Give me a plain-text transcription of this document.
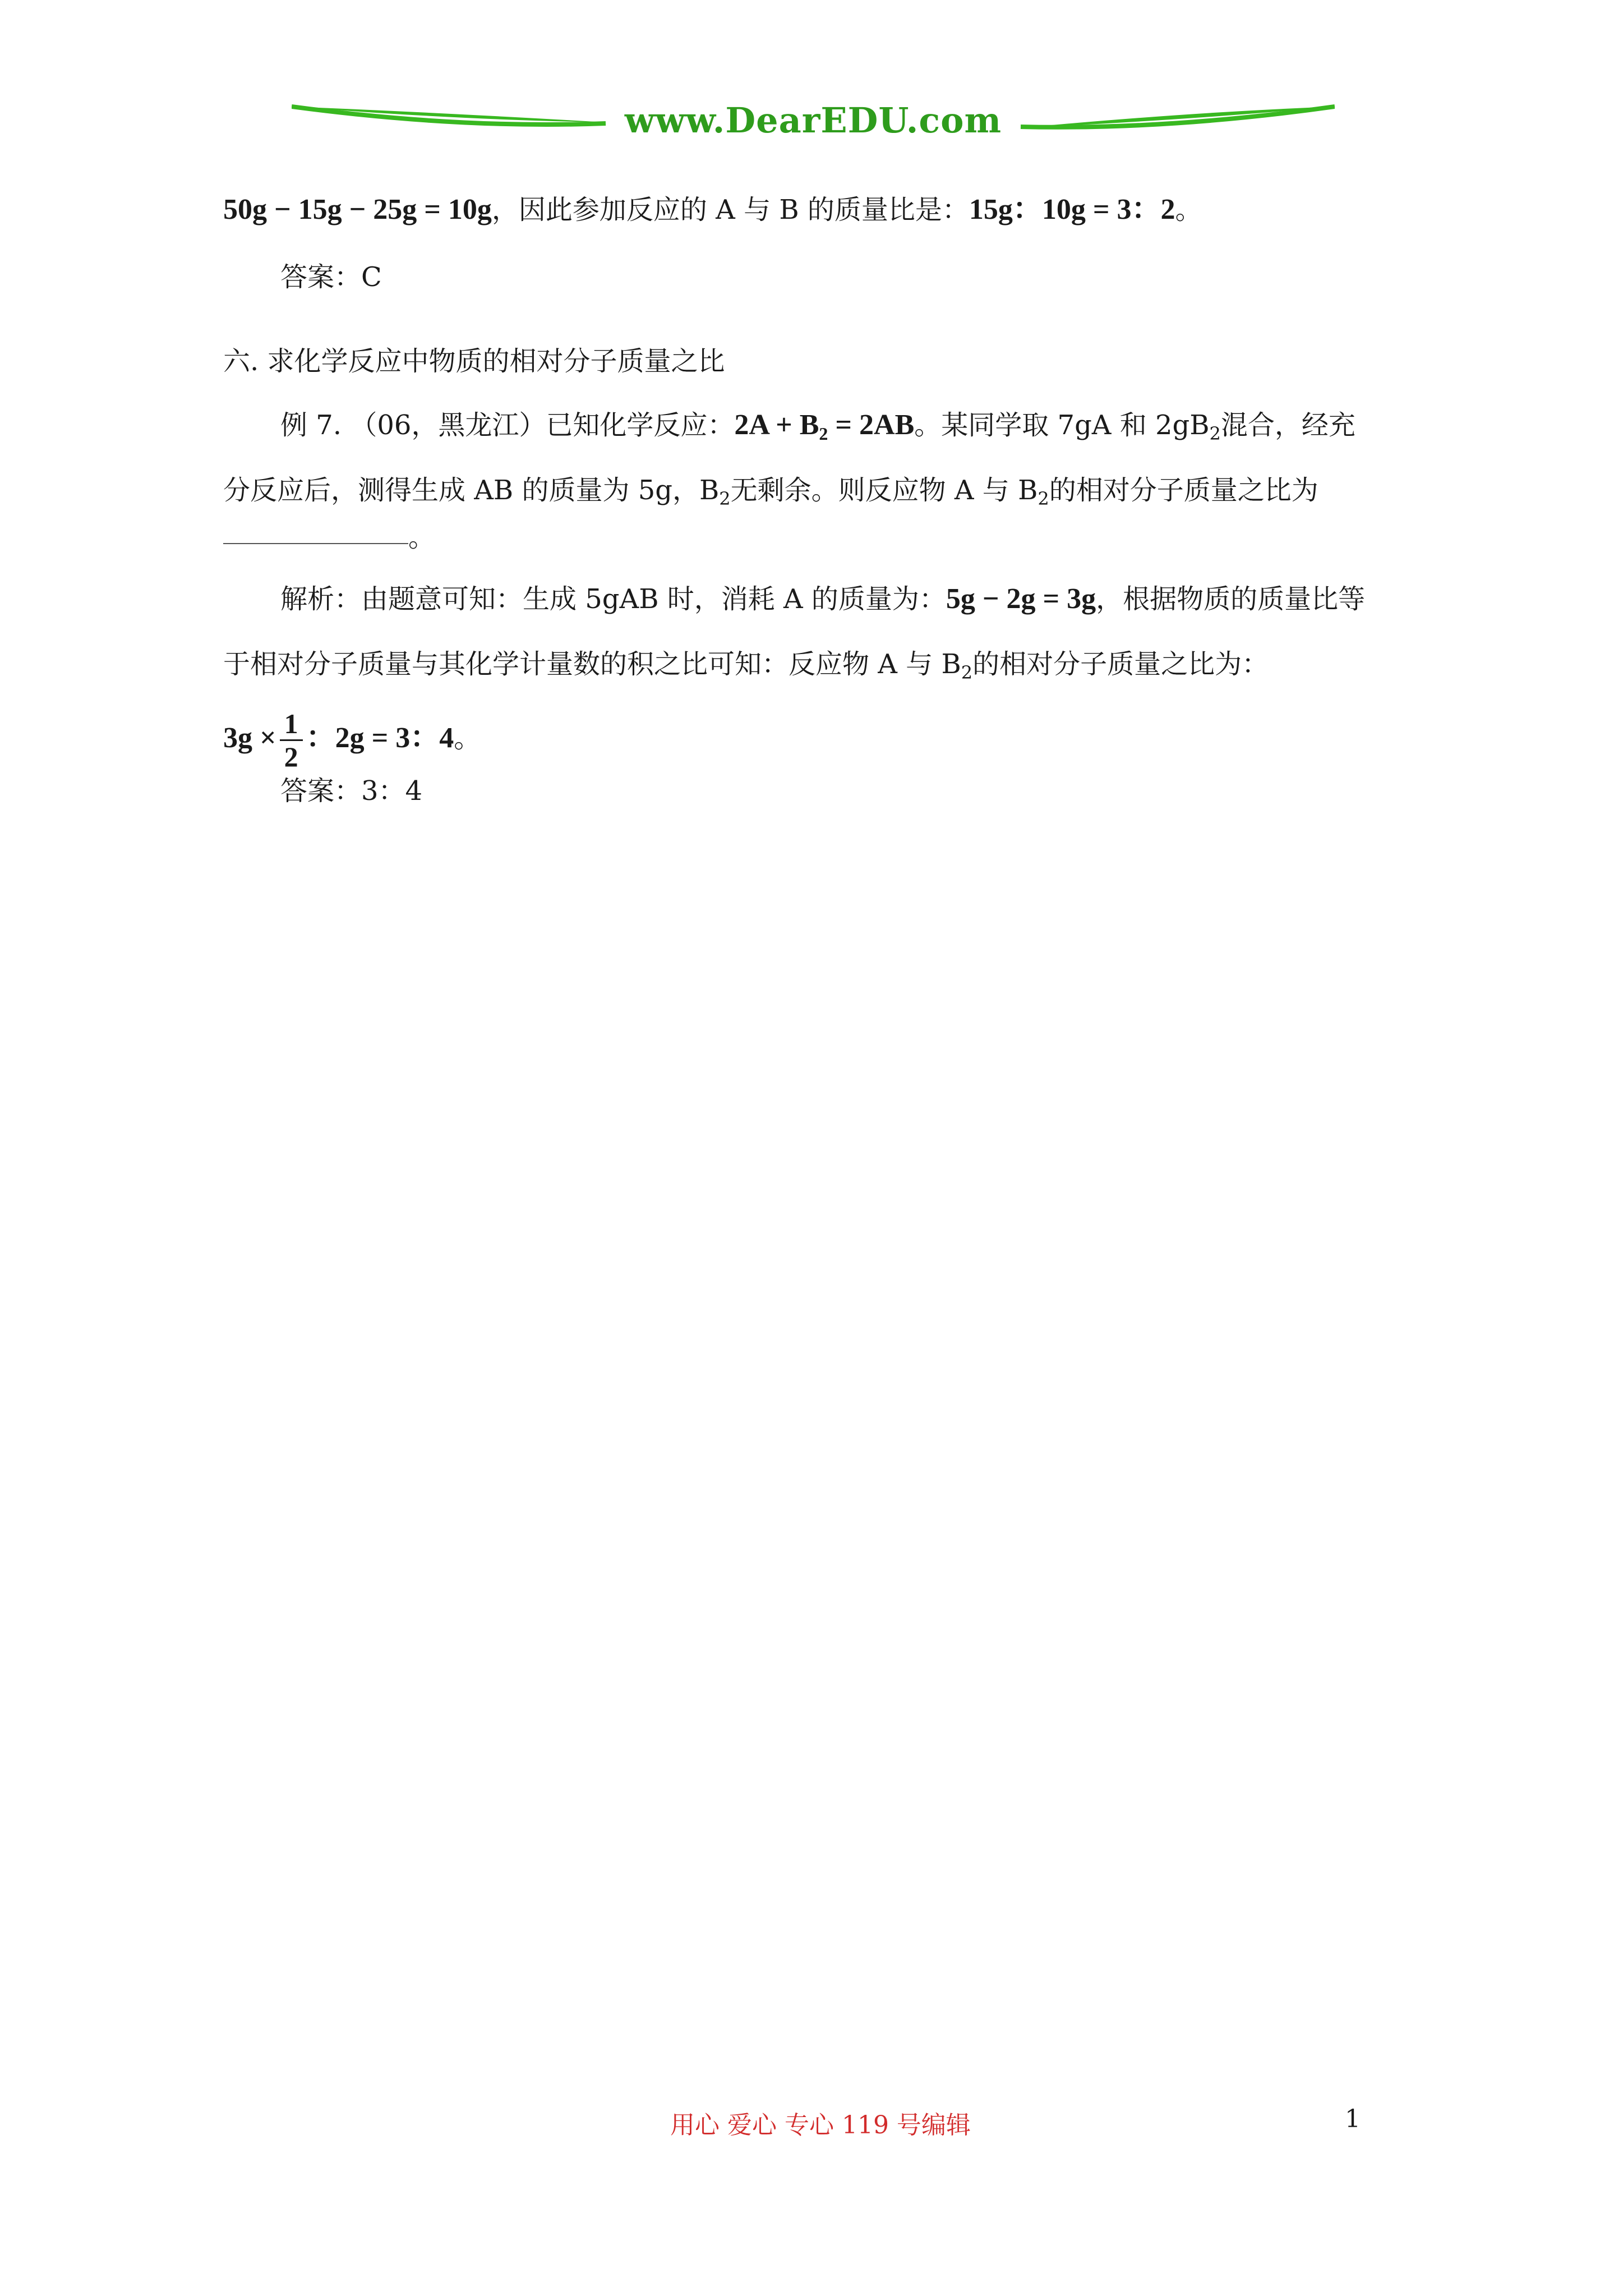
www.DearEDU.com
50g − 15g − 25g = 10g，因此参加反应的 A 与 B 的质量比是：15g：10g = 3：2。
答案：C
六. 求化学反应中物质的相对分子质量之比
例 7. （06，黑龙江）已知化学反应：$2A + B_2 = 2AB$。某同学取 7gA 和 $2gB_2$混合，经充
分反应后，测得生成 AB 的质量为 5g，$B_2$无剩余。则反应物 A 与 $B_2$的相对分子质量之比为
。
解析：由题意可知：生成 5gAB 时，消耗 A 的质量为：5g − 2g = 3g，根据物质的质量比等
于相对分子质量与其化学计量数的积之比可知：反应物 A 与 $B_2$的相对分子质量之比为：
$3g \times \frac{1}{2}$ ：2g = 3：4。
答案：3：4
用心 爱心 专心 119 号编辑	1
